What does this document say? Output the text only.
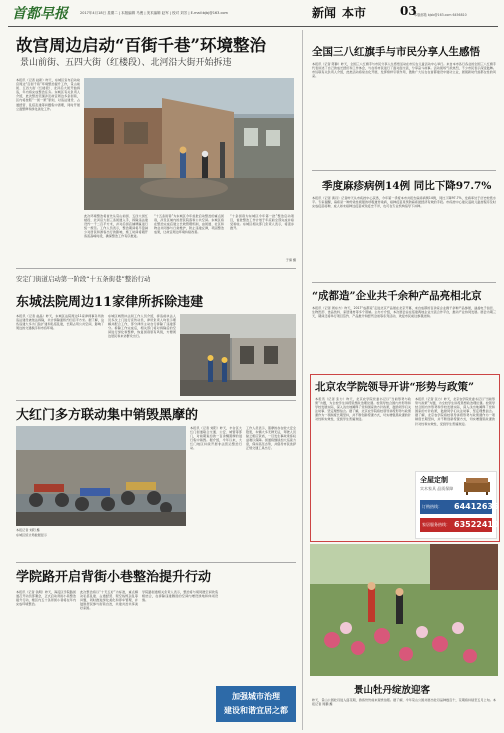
首都早报	2017年4月18日 星期二 | 本版编辑 马俊 | 美术编辑 赵军 | 校对 刘芳 | E-mail:bjbj@163.com	新闻 本市	03
本版邮箱 bjsb@163.com 6456810
故宫周边启动“百街千巷”环境整治
景山前街、五四大街（红楼段）、北河沿大街开始拆违
本报讯（记者 赵新）昨天，东城区宣布启动故宫周边“百街千巷”环境整治提升工作，景山前街、五四大街（红楼段）、北河沿大街开始拆违，年内将完成整治任务。东城区有关负责人介绍，此次整治范围涉及故宫周边多条街巷，区内将按照“一街一策”原则，对违法建设、占道经营、乱搭乱建等问题集中清理，同时开展立面整修和绿化美化工作。
此次环境整治将首先从景山前街、五四大街红楼段、北河沿大街三条街道入手，拆除违法建设约一千二百平方米，并对沿街店铺牌匾进行统一规范。工作人员表示，整治期间将尽量减少对居民和游客出行的影响，施工时间将避开客流高峰时段，确保整治工作有序推进。
“十五条街巷”为东城区今年首批启动整治的重点街巷，涉及区域内的居民院落和公共空间。东城区将在整治完成后建立长效管理机制，由街道、社区和物业共同参与日常维护，防止违建反弹，巩固整治成果，让故宫周边环境持续改善。
“十条街巷为东城区今年第一批”整治启动项目，首批整治工作计划于年底前全部完成并接受验收。东城区相关部门负责人表示，将逐步推开。
于倩 摄
安定门街道启动第一阶段“十五条街巷”整治行动
东城法院周边11家律所拆除违建
本报讯（记者 赵晶）昨天，东城区法院周边11家律师事务所的违法建设被依法拆除，共计拆除面积约四百平方米。据了解，这些违建大多为门脸扩建和私搭乱建，长期占用公共空间，影响了周边的交通秩序和市容环境。
东城区城管执法局工作人员介绍，拆违前执法人员多次上门进行宣传动员，律所负责人均表示理解并配合工作，部分律所主动自行拆除了违建部分。拆除工作完成后，相关部门将对拆除后的空间进行绿化和整修，恢复街巷原有风貌，方便周边居民和来访群众出行。
大红门多方联动集中销毁黑摩的
本报讯（记者 刘阳）昨天，丰台区大红门街道联合交通、公安、城管等部门，对前期查扣的一百余辆黑摩的进行集中销毁。据介绍，今年以来，大红门地区持续开展非法营运整治行动。
工作人员表示，黑摩的存在较大安全隐患，车辆大多无牌无证，驾驶人员缺乏相应资质，一旦发生事故乘客权益难以保障。街道将继续加大巡查力度，保持高压态势，并倡导市民选择正规交通工具出行。
本报记者 刘阳 摄
东城区统计局数据显示
学院路开启背街小巷整治提升行动
本报讯（记者 钱明）昨天，海淀区学院路街道召开动员部署会，正式启动背街小巷整治提升行动，辖区内五十条背街小巷将在年内完成环境整治。
此次整治将以“十无五好”为标准，重点解决私搭乱建、占道经营、架空线缆杂乱等问题，同时推进绿化美化和停车管理，并鼓励居民参与街巷自治，共建共治共享美好家园。
学院路街道相关负责人表示，整治将与胡同微空间改造相结合，在拆除违建腾退的空间内增设绿地和休闲设施。
加强城市治理
建设和谐宜居之都
全国三八红旗手与市民分享人生感悟
本报讯（记者 陈静）昨天，全国三八红旗手与市民分享人生感悟活动在市妇女儿童活动中心举行。来自本市各行各业的全国三八红旗手代表讲述了自己的成长经历和工作体会，与在场市民进行了面对面交流，分享奋斗故事。活动现场气氛热烈，不少市民表示深受鼓舞。市妇联有关负责人介绍，此类活动将常态化开展，发挥榜样引领作用，激励广大妇女在首都建设中建功立业，展现新时代首都女性的风采。
季度麻疹病例14例 同比下降97.7%
本报讯（记者 黄丹）记者昨天从市疾控中心获悉，今年第一季度本市共报告麻疹病例14例，同比下降97.7%，发病率处于历史较低水平。专家提醒，麻疹是一种传染性极强的呼吸道传染病，接种疫苗是预防麻疹最经济有效的手段。市疾控中心建议适龄儿童按程序及时完成疫苗接种，成人如未接种过疫苗或免疫史不详，也可在专业机构指导下补种。
“成都造”企业共千余种产品亮相北京
本报讯（记者 周东方）昨天，2017“成都造”走进北京产品展在北京开幕，来自成都的百余家企业携千余种产品参展，涵盖电子信息、生物医药、食品饮料、家居建材等多个领域。主办方介绍，本次展会旨在搭建两地企业交流合作平台，推动产业协同发展。展会为期三天，期间还将举行项目签约、产品推介和经贸洽谈等系列活动，欢迎市民前往参观选购。
北京农学院领导开讲“形势与政策”
本报讯（记者 张力）昨天，北京农学院党委书记以“当前形势与政策”为题，为全校学生讲授思想政治理论课。校领导结合国内外形势和学校发展实际，深入浅出地阐释了党和国家的方针政策，鼓励同学们关注时事、坚定理想信念。据了解，北京农学院将校领导讲授形势与政策课作为一项制度长期坚持，并不断创新授课方式，切实增强思政课的针对性和实效性，受到学生普遍欢迎。
本报讯（记者 张力）昨天，北京农学院党委书记以“当前形势与政策”为题，为全校学生讲授思想政治理论课。校领导结合国内外形势和学校发展实际，深入浅出地阐释了党和国家的方针政策，鼓励同学们关注时事、坚定理想信念。据了解，北京农学院将校领导讲授形势与政策课作为一项制度长期坚持，并不断创新授课方式，切实增强思政课的针对性和实效性，受到学生普遍欢迎。
全屋定制
实木家具 品质保障
订购热线： 64412636
家居服务热线： 63522410
景山牡丹绽放迎客
昨天，景山公园牡丹进入盛花期，游客纷纷前来观赏拍照。据了解，今年景山公园共展出牡丹品种数百个，花期将持续至五月上旬。本报记者 周鹏 摄
